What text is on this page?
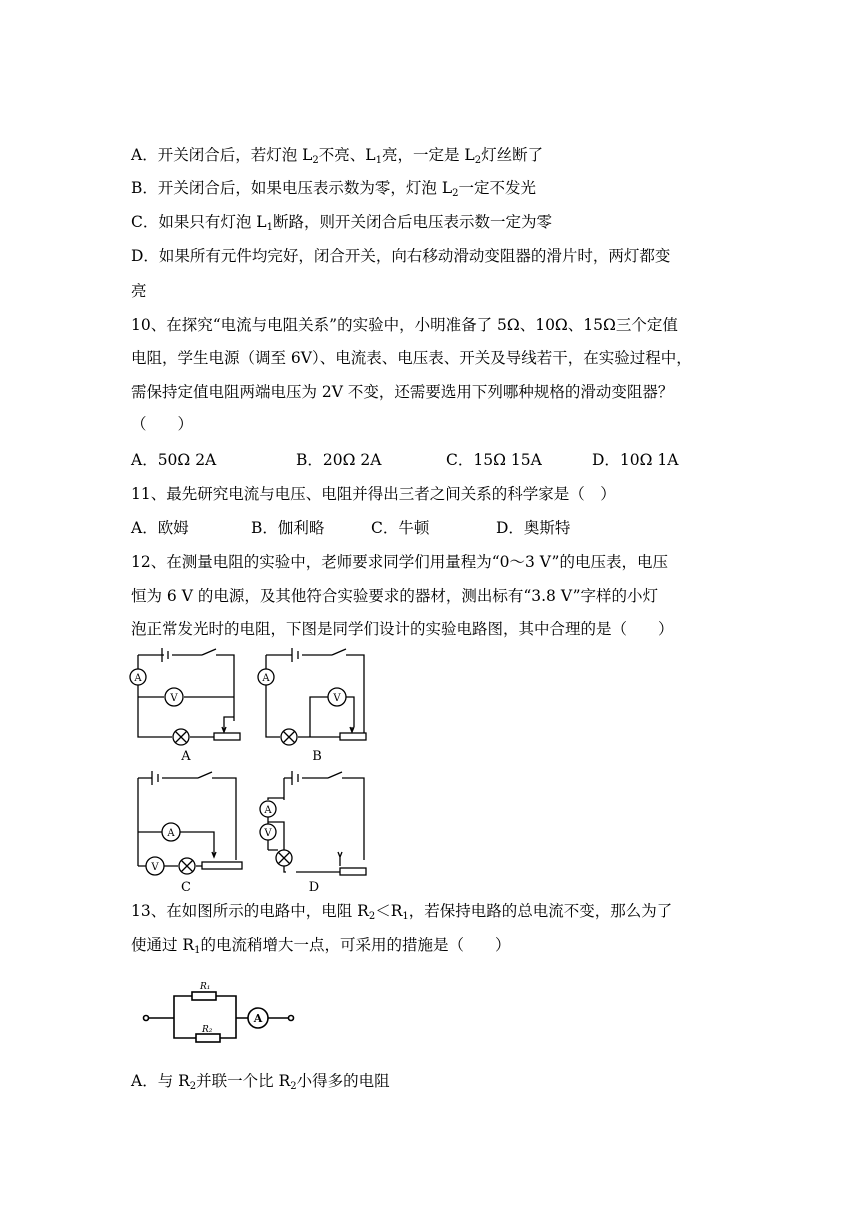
A．开关闭合后，若灯泡 $L_2$不亮、$L_1$亮，一定是 $L_2$灯丝断了
B．开关闭合后，如果电压表示数为零，灯泡 $L_2$一定不发光
C．如果只有灯泡 $L_1$断路，则开关闭合后电压表示数一定为零
D．如果所有元件均完好，闭合开关，向右移动滑动变阻器的滑片时，两灯都变
亮
10、在探究“电流与电阻关系”的实验中，小明准备了 5Ω、10Ω、15Ω三个定值
电阻，学生电源（调至 6V）、电流表、电压表、开关及导线若干，在实验过程中，
需保持定值电阻两端电压为 2V 不变，还需要选用下列哪种规格的滑动变阻器？
（　　）
A．50Ω 2A	B．20Ω 2A	C．15Ω 15A	D．10Ω 1A
11、最先研究电流与电压、电阻并得出三者之间关系的科学家是（　）
A．欧姆	B．伽利略	C．牛顿	D．奥斯特
12、在测量电阻的实验中，老师要求同学们用量程为“0～3 V”的电压表，电压
恒为 6 V 的电源，及其他符合实验要求的器材，测出标有“3.8 V”字样的小灯
泡正常发光时的电阻，下图是同学们设计的实验电路图，其中合理的是（　　）
A
V
A
A
V
B
A
V
C
A
V
D
13、在如图所示的电路中，电阻 $R_2<R_1$，若保持电路的总电流不变，那么为了
使通过 $R_1$的电流稍增大一点，可采用的措施是（　　）
R₁
R₂
A
A．与 $R_2$并联一个比 $R_2$小得多的电阻
